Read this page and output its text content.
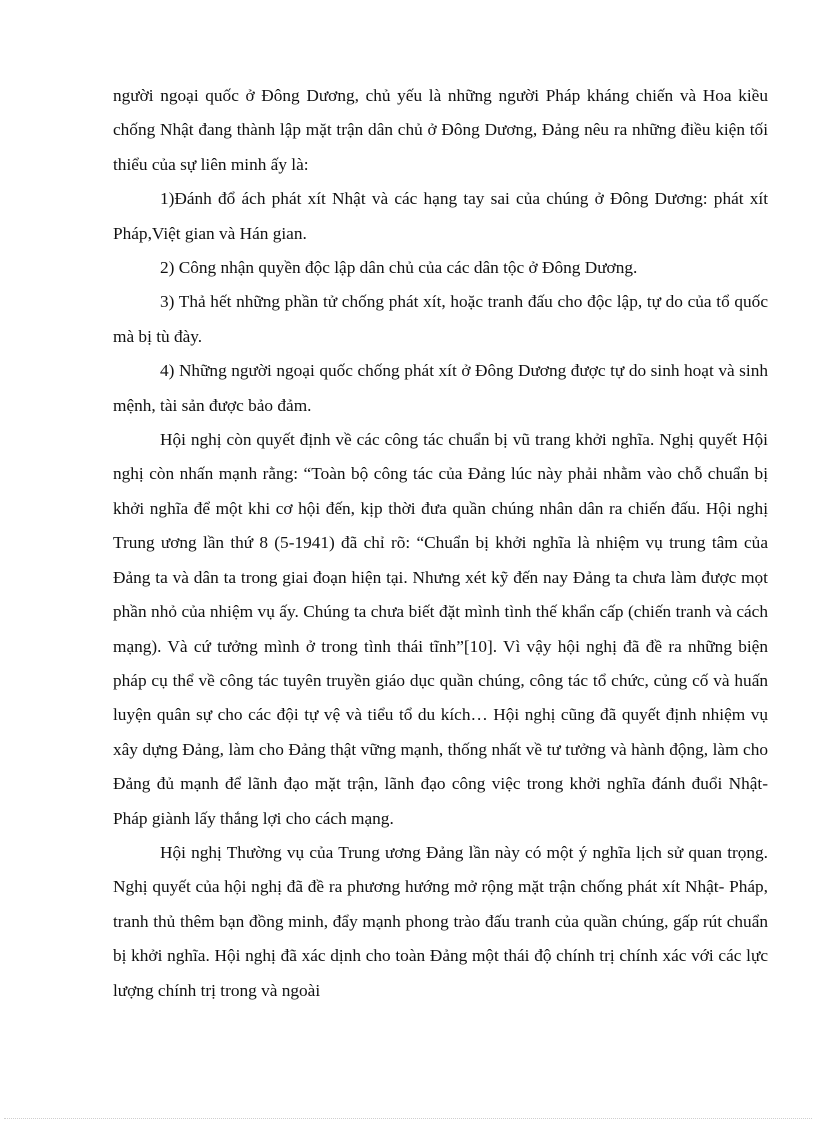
người ngoại quốc ở Đông Dương, chủ yếu là những người Pháp kháng chiến và Hoa kiều chống Nhật đang thành lập mặt trận dân chủ ở Đông Dương, Đảng nêu ra những điều kiện tối thiểu của sự liên minh ấy là:

1)Đánh đổ ách phát xít Nhật và các hạng tay sai của chúng ở Đông Dương: phát xít Pháp,Việt gian và Hán gian.

2) Công nhận quyền độc lập dân chủ của các dân tộc ở Đông Dương.

3) Thả hết những phần tử chống phát xít, hoặc tranh đấu cho độc lập, tự do của tổ quốc mà bị tù đày.

4) Những người ngoại quốc chống phát xít ở Đông Dương được tự do sinh hoạt và sinh mệnh, tài sản được bảo đảm.

Hội nghị còn quyết định về các công tác chuẩn bị vũ trang khởi nghĩa. Nghị quyết Hội nghị còn nhấn mạnh rằng: “Toàn bộ công tác của Đảng lúc này phải nhằm vào chỗ chuẩn bị khởi nghĩa để một khi cơ hội đến, kịp thời đưa quần chúng nhân dân ra chiến đấu. Hội nghị Trung ương lần thứ 8 (5-1941) đã chỉ rõ: “Chuẩn bị khởi nghĩa là nhiệm vụ trung tâm của Đảng ta và dân ta trong giai đoạn hiện tại. Nhưng xét kỹ đến nay Đảng ta chưa làm được mọt phần nhỏ của nhiệm vụ ấy. Chúng ta chưa biết đặt mình tình thế khẩn cấp (chiến tranh và cách mạng). Và cứ tưởng mình ở trong tình thái tĩnh”[10]. Vì vậy hội nghị đã đề ra những biện pháp cụ thể về công tác tuyên truyền giáo dục quần chúng, công tác tổ chức, củng cố và huấn luyện quân sự cho các đội tự vệ và tiểu tổ du kích… Hội nghị cũng đã quyết định nhiệm vụ xây dựng Đảng, làm cho Đảng thật vững mạnh, thống nhất về tư tưởng và hành động, làm cho Đảng đủ mạnh để lãnh đạo mặt trận, lãnh đạo công việc trong khởi nghĩa đánh đuổi Nhật- Pháp giành lấy thắng lợi cho cách mạng.

Hội nghị Thường vụ của Trung ương Đảng lần này có một ý nghĩa lịch sử quan trọng. Nghị quyết của hội nghị đã đề ra phương hướng mở rộng mặt trận chống phát xít Nhật- Pháp, tranh thủ thêm bạn đồng minh, đẩy mạnh phong trào đấu tranh của quần chúng, gấp rút chuẩn bị khởi nghĩa. Hội nghị đã xác dịnh cho toàn Đảng một thái độ chính trị chính xác với các lực lượng chính trị trong và ngoài
